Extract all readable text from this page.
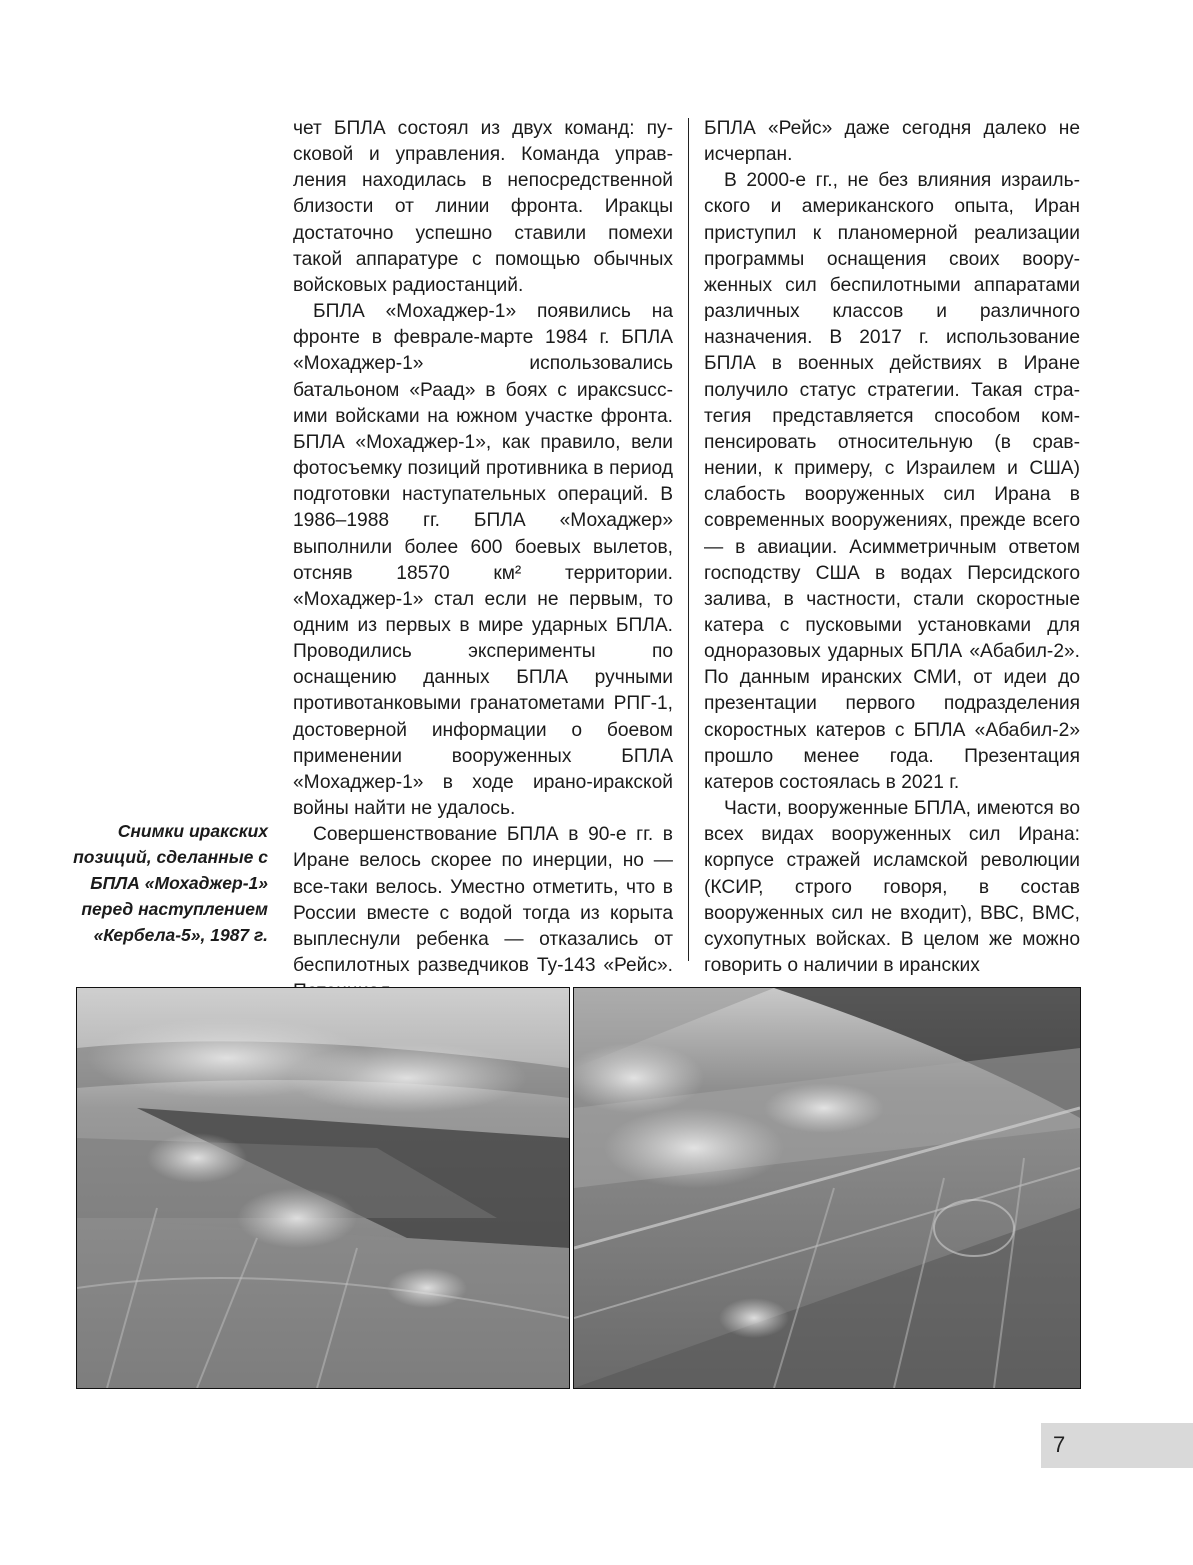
Снимки иракских позиций, сделанные с БПЛА «Мохаджер-1» перед наступлением «Кербела-5», 1987 г.

чет БПЛА состоял из двух команд: пусковой и управления. Команда управления находилась в непосредственной близости от линии фронта. Иракцы достаточно успешно ставили помехи такой аппаратуре с помощью обычных войсковых радиостанций.

БПЛА «Мохаджер-1» появились на фронте в феврале-марте 1984 г. БПЛА «Мохаджер-1» использовались батальоном «Раад» в боях с ираксsuccими войсками на южном участке фронта. БПЛА «Мохаджер-1», как правило, вели фотосъемку позиций противника в период подготовки наступательных операций. В 1986–1988 гг. БПЛА «Мохаджер» выполнили более 600 боевых вылетов, отсняв 18570 км² территории. «Мохаджер-1» стал если не первым, то одним из первых в мире ударных БПЛА. Проводились эксперименты по оснащению данных БПЛА ручными противотанковыми гранатометами РПГ-1, достоверной информации о боевом применении вооруженных БПЛА «Мохаджер-1» в ходе ирано-иракской войны найти не удалось.

Совершенствование БПЛА в 90-е гг. в Иране велось скорее по инерции, но — все-таки велось. Уместно отметить, что в России вместе с водой тогда из корыта выплеснули ребенка — отказались от беспилотных разведчиков Ту-143 «Рейс».

БПЛА «Рейс» даже сегодня далеко не исчерпан.

В 2000-е гг., не без влияния израильского и американского опыта, Иран приступил к планомерной реализации программы оснащения своих вооруженных сил беспилотными аппаратами различных классов и различного назначения. В 2017 г. использование БПЛА в военных действиях в Иране получило статус стратегии. Такая стратегия представляется способом компенсировать относительную (в сравнении, к примеру, с Израилем и США) слабость вооруженных сил Ирана в современных вооружениях, прежде всего — в авиации. Асимметричным ответом господству США в водах Персидского залива, в частности, стали скоростные катера с пусковыми установками для одноразовых ударных БПЛА «Абабил-2». По данным иранских СМИ, от идеи до презентации первого подразделения скоростных катеров с БПЛА «Абабил-2» прошло менее года. Презентация катеров состоялась в 2021 г.

Части, вооруженные БПЛА, имеются во всех видах вооруженных сил Ирана: корпусе стражей исламской революции (КСИР, строго говоря, в состав вооруженных сил не входит), ВВС, ВМС, сухопутных войсках. В целом же можно говорить о наличии в иранских

7
